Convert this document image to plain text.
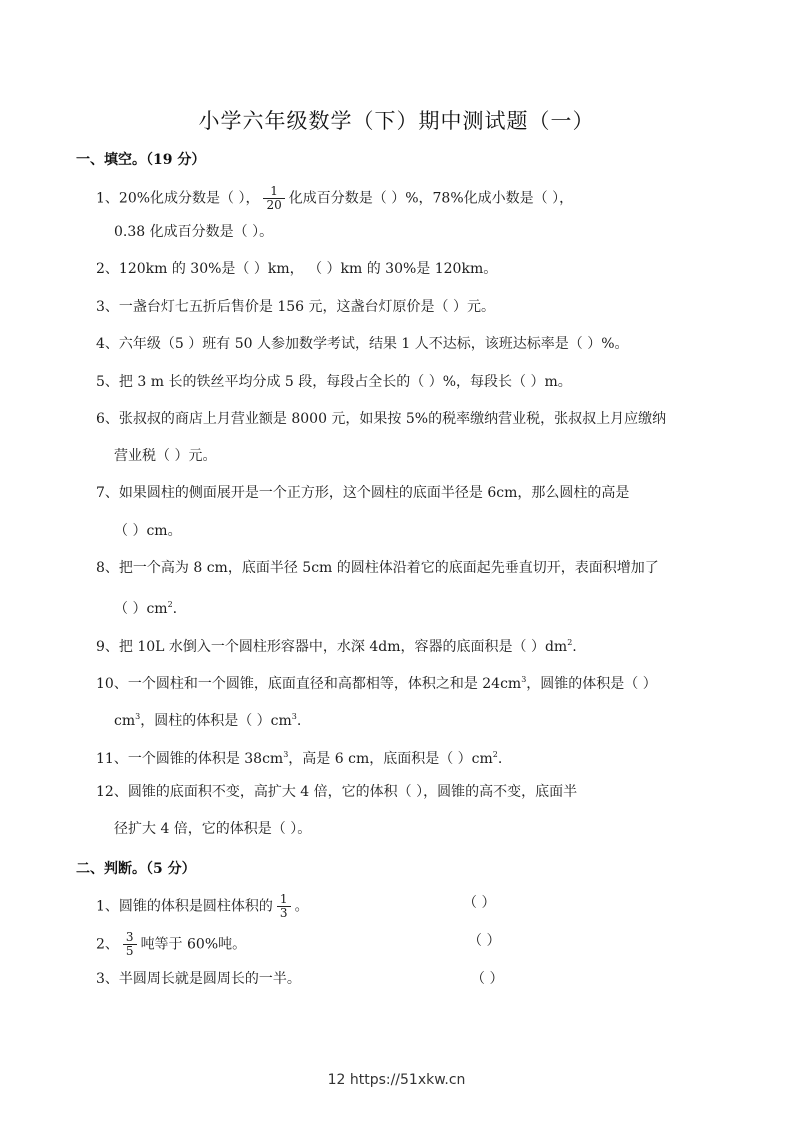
小学六年级数学（下）期中测试题（一）
一、填空。（19 分）
1、20%化成分数是（ ）， $\frac{1}{20}$ 化成百分数是（ ）%，78%化成小数是（ ），
0.38 化成百分数是（ ）。
2、120km 的 30%是（ ）km， （ ）km 的 30%是 120km。
3、一盏台灯七五折后售价是 156 元，这盏台灯原价是（ ）元。
4、六年级（5 ）班有 50 人参加数学考试，结果 1 人不达标，该班达标率是（ ）%。
5、把 3 m 长的铁丝平均分成 5 段，每段占全长的（ ）%，每段长（ ）m。
6、张叔叔的商店上月营业额是 8000 元，如果按 5%的税率缴纳营业税，张叔叔上月应缴纳
营业税（ ）元。
7、如果圆柱的侧面展开是一个正方形，这个圆柱的底面半径是 6cm，那么圆柱的高是
（ ）cm。
8、把一个高为 8 cm，底面半径 5cm 的圆柱体沿着它的底面起先垂直切开，表面积增加了
（ ）$cm^2$.
9、把 10L 水倒入一个圆柱形容器中，水深 4dm，容器的底面积是（ ）$dm^2$.
10、一个圆柱和一个圆锥，底面直径和高都相等，体积之和是 $24cm^3$，圆锥的体积是（ ）
$cm^3$，圆柱的体积是（ ）$cm^3$.
11、一个圆锥的体积是 $38cm^3$，高是 6 cm，底面积是（ ）$cm^2$.
12、圆锥的底面积不变，高扩大 4 倍，它的体积（ ），圆锥的高不变，底面半
径扩大 4 倍，它的体积是（ ）。
二、判断。（5 分）
1、圆锥的体积是圆柱体积的 $\frac{1}{3}$ 。	（ ）
2、 $\frac{3}{5}$ 吨等于 60%吨。	（ ）
3、半圆周长就是圆周长的一半。	（ ）
12 https://51xkw.cn
